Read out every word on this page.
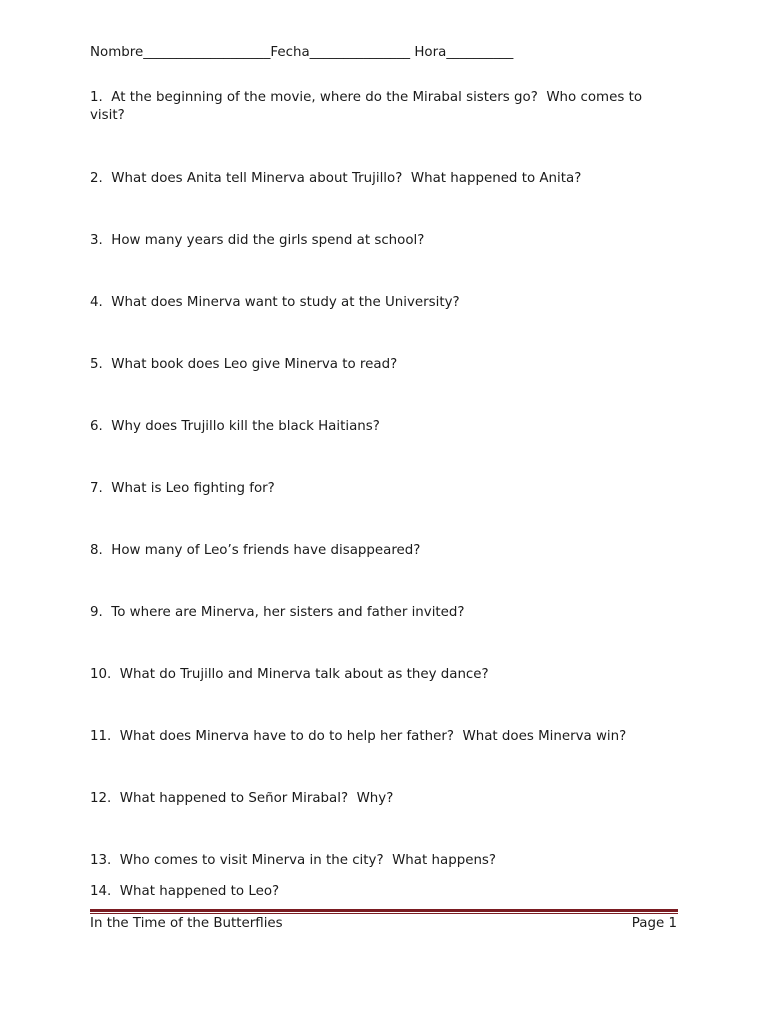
Nombre___________________Fecha_______________ Hora__________
1.  At the beginning of the movie, where do the Mirabal sisters go?  Who comes to visit?
2.  What does Anita tell Minerva about Trujillo?  What happened to Anita?
3.  How many years did the girls spend at school?
4.  What does Minerva want to study at the University?
5.  What book does Leo give Minerva to read?
6.  Why does Trujillo kill the black Haitians?
7.  What is Leo fighting for?
8.  How many of Leo’s friends have disappeared?
9.  To where are Minerva, her sisters and father invited?
10.  What do Trujillo and Minerva talk about as they dance?
11.  What does Minerva have to do to help her father?  What does Minerva win?
12.  What happened to Señor Mirabal?  Why?
13.  Who comes to visit Minerva in the city?  What happens?
14.  What happened to Leo?
In the Time of the Butterflies	Page 1
